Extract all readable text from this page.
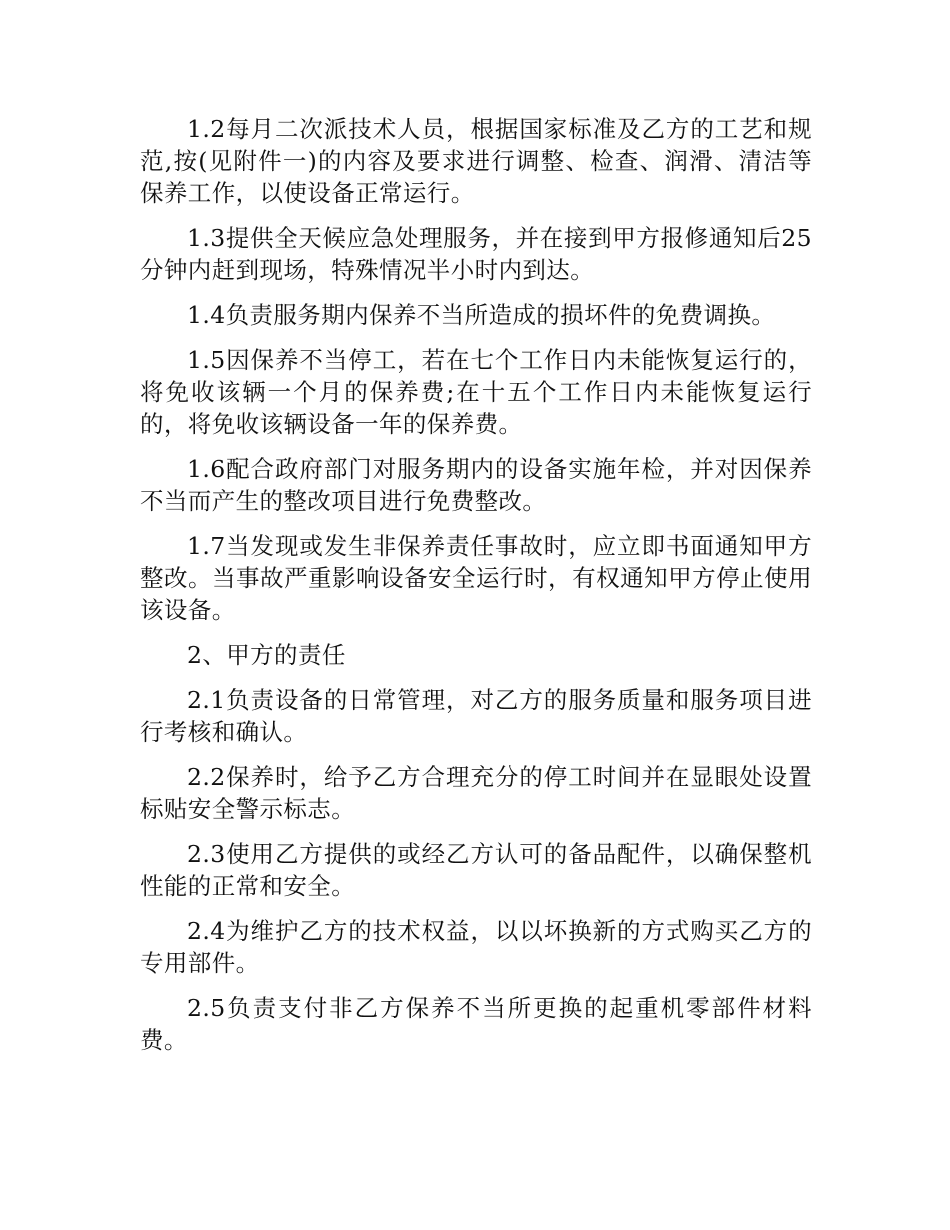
1.2每月二次派技术人员，根据国家标准及乙方的工艺和规范,按(见附件一)的内容及要求进行调整、检查、润滑、清洁等保养工作，以使设备正常运行。

1.3提供全天候应急处理服务，并在接到甲方报修通知后25分钟内赶到现场，特殊情况半小时内到达。

1.4负责服务期内保养不当所造成的损坏件的免费调换。

1.5因保养不当停工，若在七个工作日内未能恢复运行的，将免收该辆一个月的保养费;在十五个工作日内未能恢复运行的，将免收该辆设备一年的保养费。

1.6配合政府部门对服务期内的设备实施年检，并对因保养不当而产生的整改项目进行免费整改。

1.7当发现或发生非保养责任事故时，应立即书面通知甲方整改。当事故严重影响设备安全运行时，有权通知甲方停止使用该设备。

2、甲方的责任

2.1负责设备的日常管理，对乙方的服务质量和服务项目进行考核和确认。

2.2保养时，给予乙方合理充分的停工时间并在显眼处设置标贴安全警示标志。

2.3使用乙方提供的或经乙方认可的备品配件，以确保整机性能的正常和安全。

2.4为维护乙方的技术权益，以以坏换新的方式购买乙方的专用部件。

2.5负责支付非乙方保养不当所更换的起重机零部件材料费。
